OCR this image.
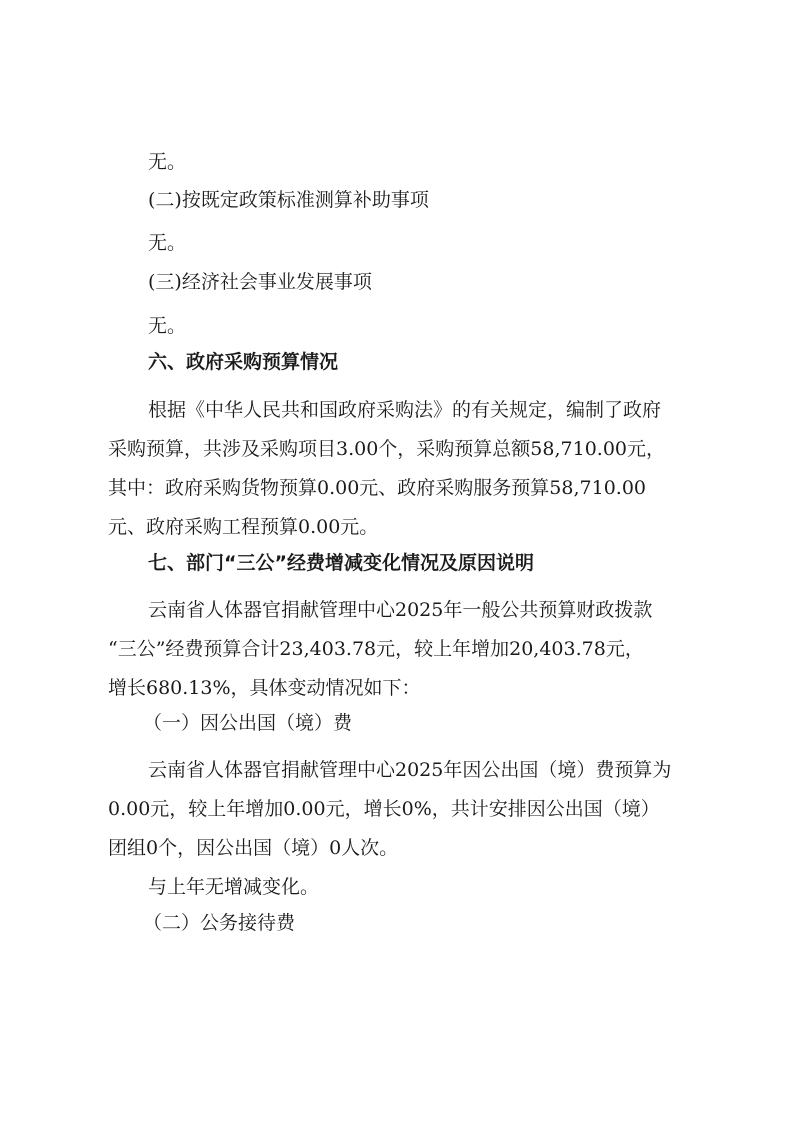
无。
(二)按既定政策标准测算补助事项
无。
(三)经济社会事业发展事项
无。
六、政府采购预算情况
根据《中华人民共和国政府采购法》的有关规定，编制了政府
采购预算，共涉及采购项目3.00个，采购预算总额58,710.00元，
其中：政府采购货物预算0.00元、政府采购服务预算58,710.00
元、政府采购工程预算0.00元。
七、部门“三公”经费增减变化情况及原因说明
云南省人体器官捐献管理中心2025年一般公共预算财政拨款
“三公”经费预算合计23,403.78元，较上年增加20,403.78元，
增长680.13%，具体变动情况如下：
（一）因公出国（境）费
云南省人体器官捐献管理中心2025年因公出国（境）费预算为
0.00元，较上年增加0.00元，增长0%，共计安排因公出国（境）
团组0个，因公出国（境）0人次。
与上年无增减变化。
（二）公务接待费
